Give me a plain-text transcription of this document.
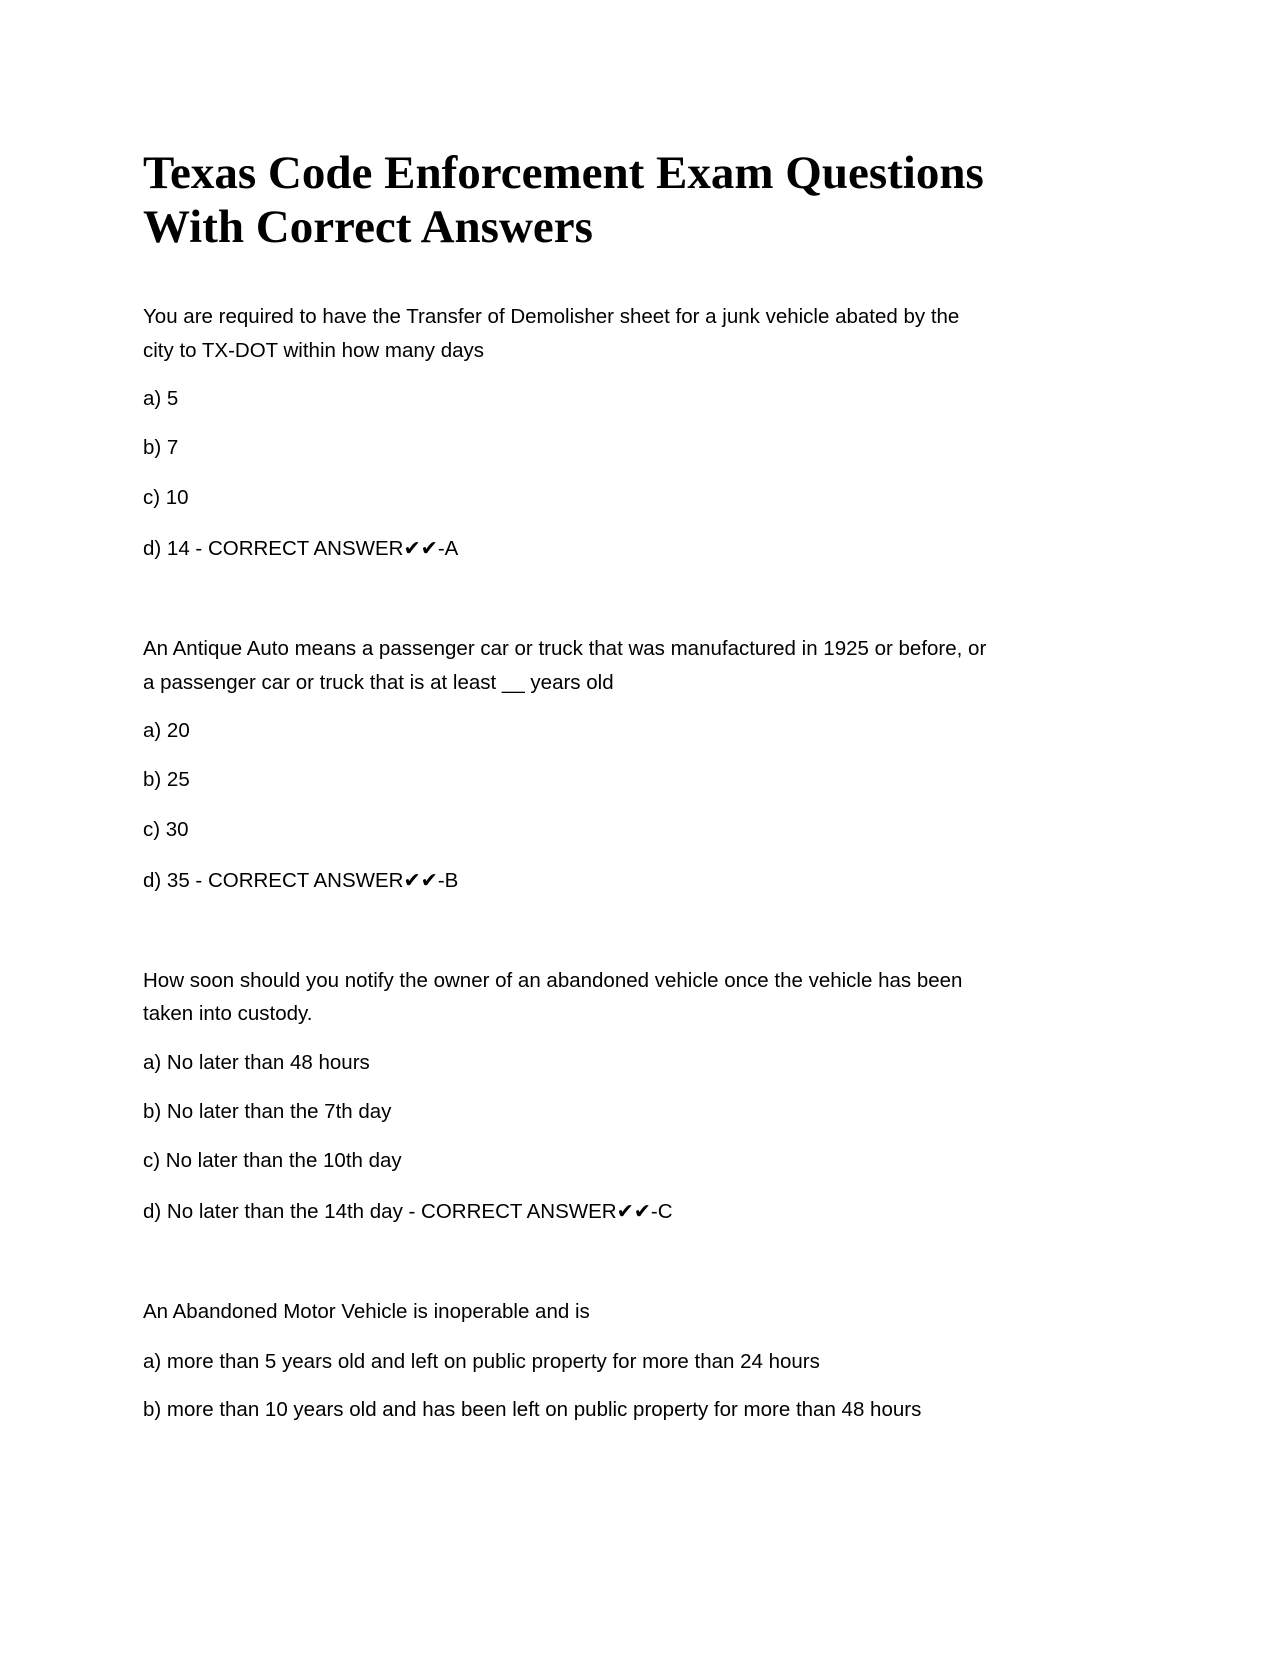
Texas Code Enforcement Exam Questions
With Correct Answers
You are required to have the Transfer of Demolisher sheet for a junk vehicle abated by the
city to TX-DOT within how many days
a) 5
b) 7
c) 10
d) 14 - CORRECT ANSWER✔✔-A
An Antique Auto means a passenger car or truck that was manufactured in 1925 or before, or
a passenger car or truck that is at least __ years old
a) 20
b) 25
c) 30
d) 35 - CORRECT ANSWER✔✔-B
How soon should you notify the owner of an abandoned vehicle once the vehicle has been
taken into custody.
a) No later than 48 hours
b) No later than the 7th day
c) No later than the 10th day
d) No later than the 14th day - CORRECT ANSWER✔✔-C
An Abandoned Motor Vehicle is inoperable and is
a) more than 5 years old and left on public property for more than 24 hours
b) more than 10 years old and has been left on public property for more than 48 hours
